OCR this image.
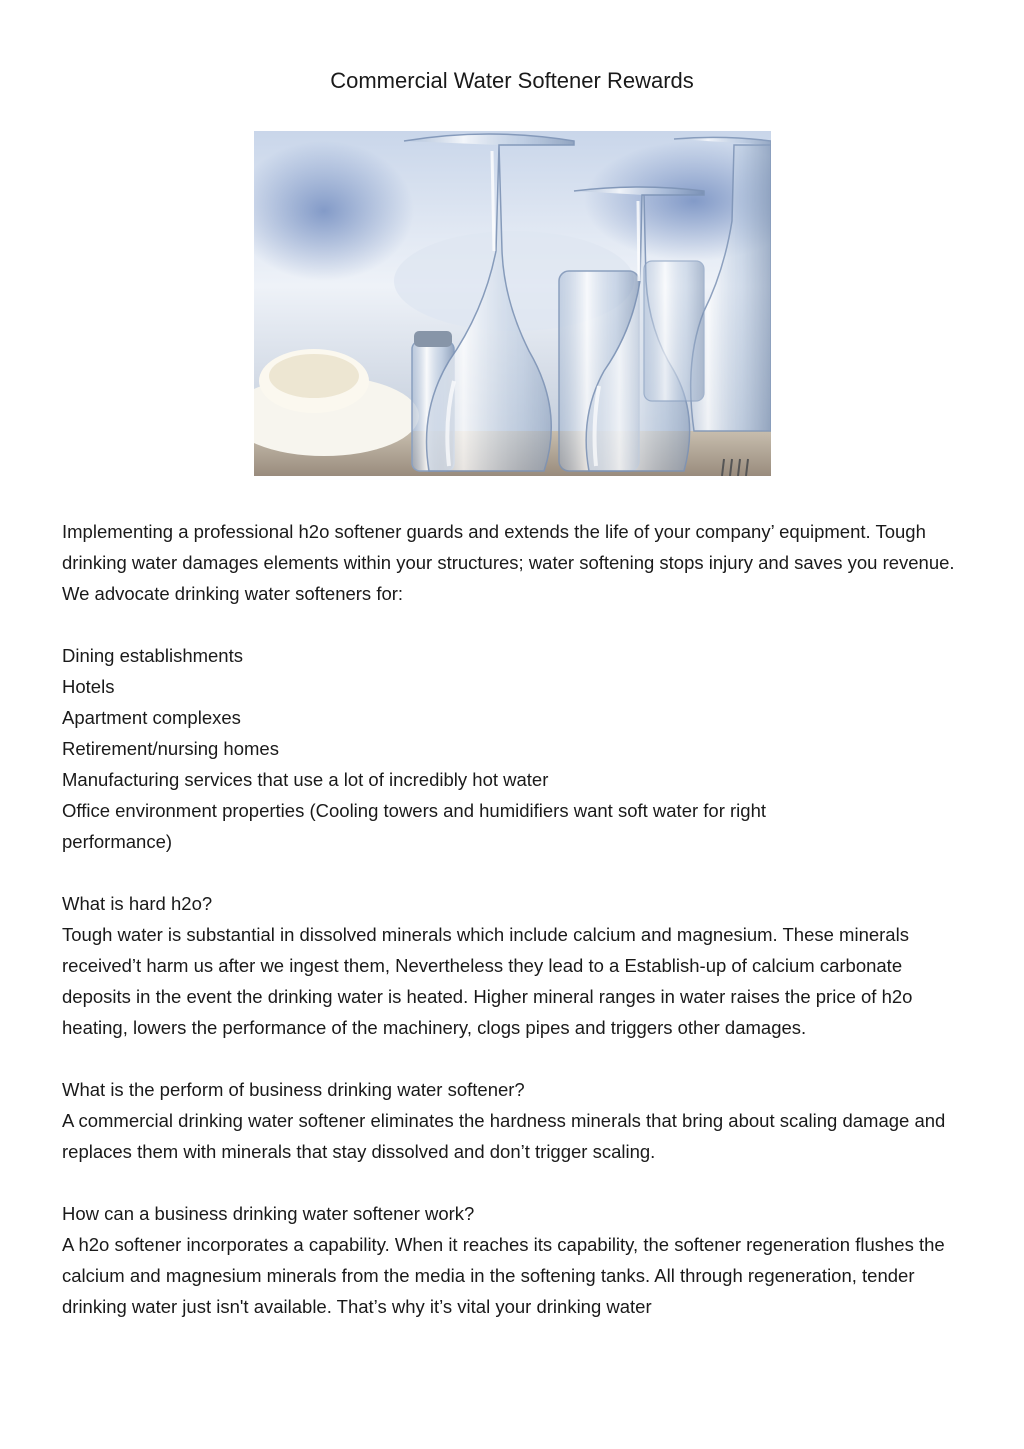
Commercial Water Softener Rewards

Implementing a professional h2o softener guards and extends the life of your company’ equipment. Tough drinking water damages elements within your structures; water softening stops injury and saves you revenue. We advocate drinking water softeners for:

Dining establishments
Hotels
Apartment complexes
Retirement/nursing homes
Manufacturing services that use a lot of incredibly hot water
Office environment properties (Cooling towers and humidifiers want soft water for right performance)

What is hard h2o?

Tough water is substantial in dissolved minerals which include calcium and magnesium. These minerals received’t harm us after we ingest them, Nevertheless they lead to a Establish-up of calcium carbonate deposits in the event the drinking water is heated. Higher mineral ranges in water raises the price of h2o heating, lowers the performance of the machinery, clogs pipes and triggers other damages.

What is the perform of business drinking water softener?

A commercial drinking water softener eliminates the hardness minerals that bring about scaling damage and replaces them with minerals that stay dissolved and don’t trigger scaling.

How can a business drinking water softener work?

A h2o softener incorporates a capability. When it reaches its capability, the softener regeneration flushes the calcium and magnesium minerals from the media in the softening tanks. All through regeneration, tender drinking water just isn't available. That’s why it’s vital your drinking water
